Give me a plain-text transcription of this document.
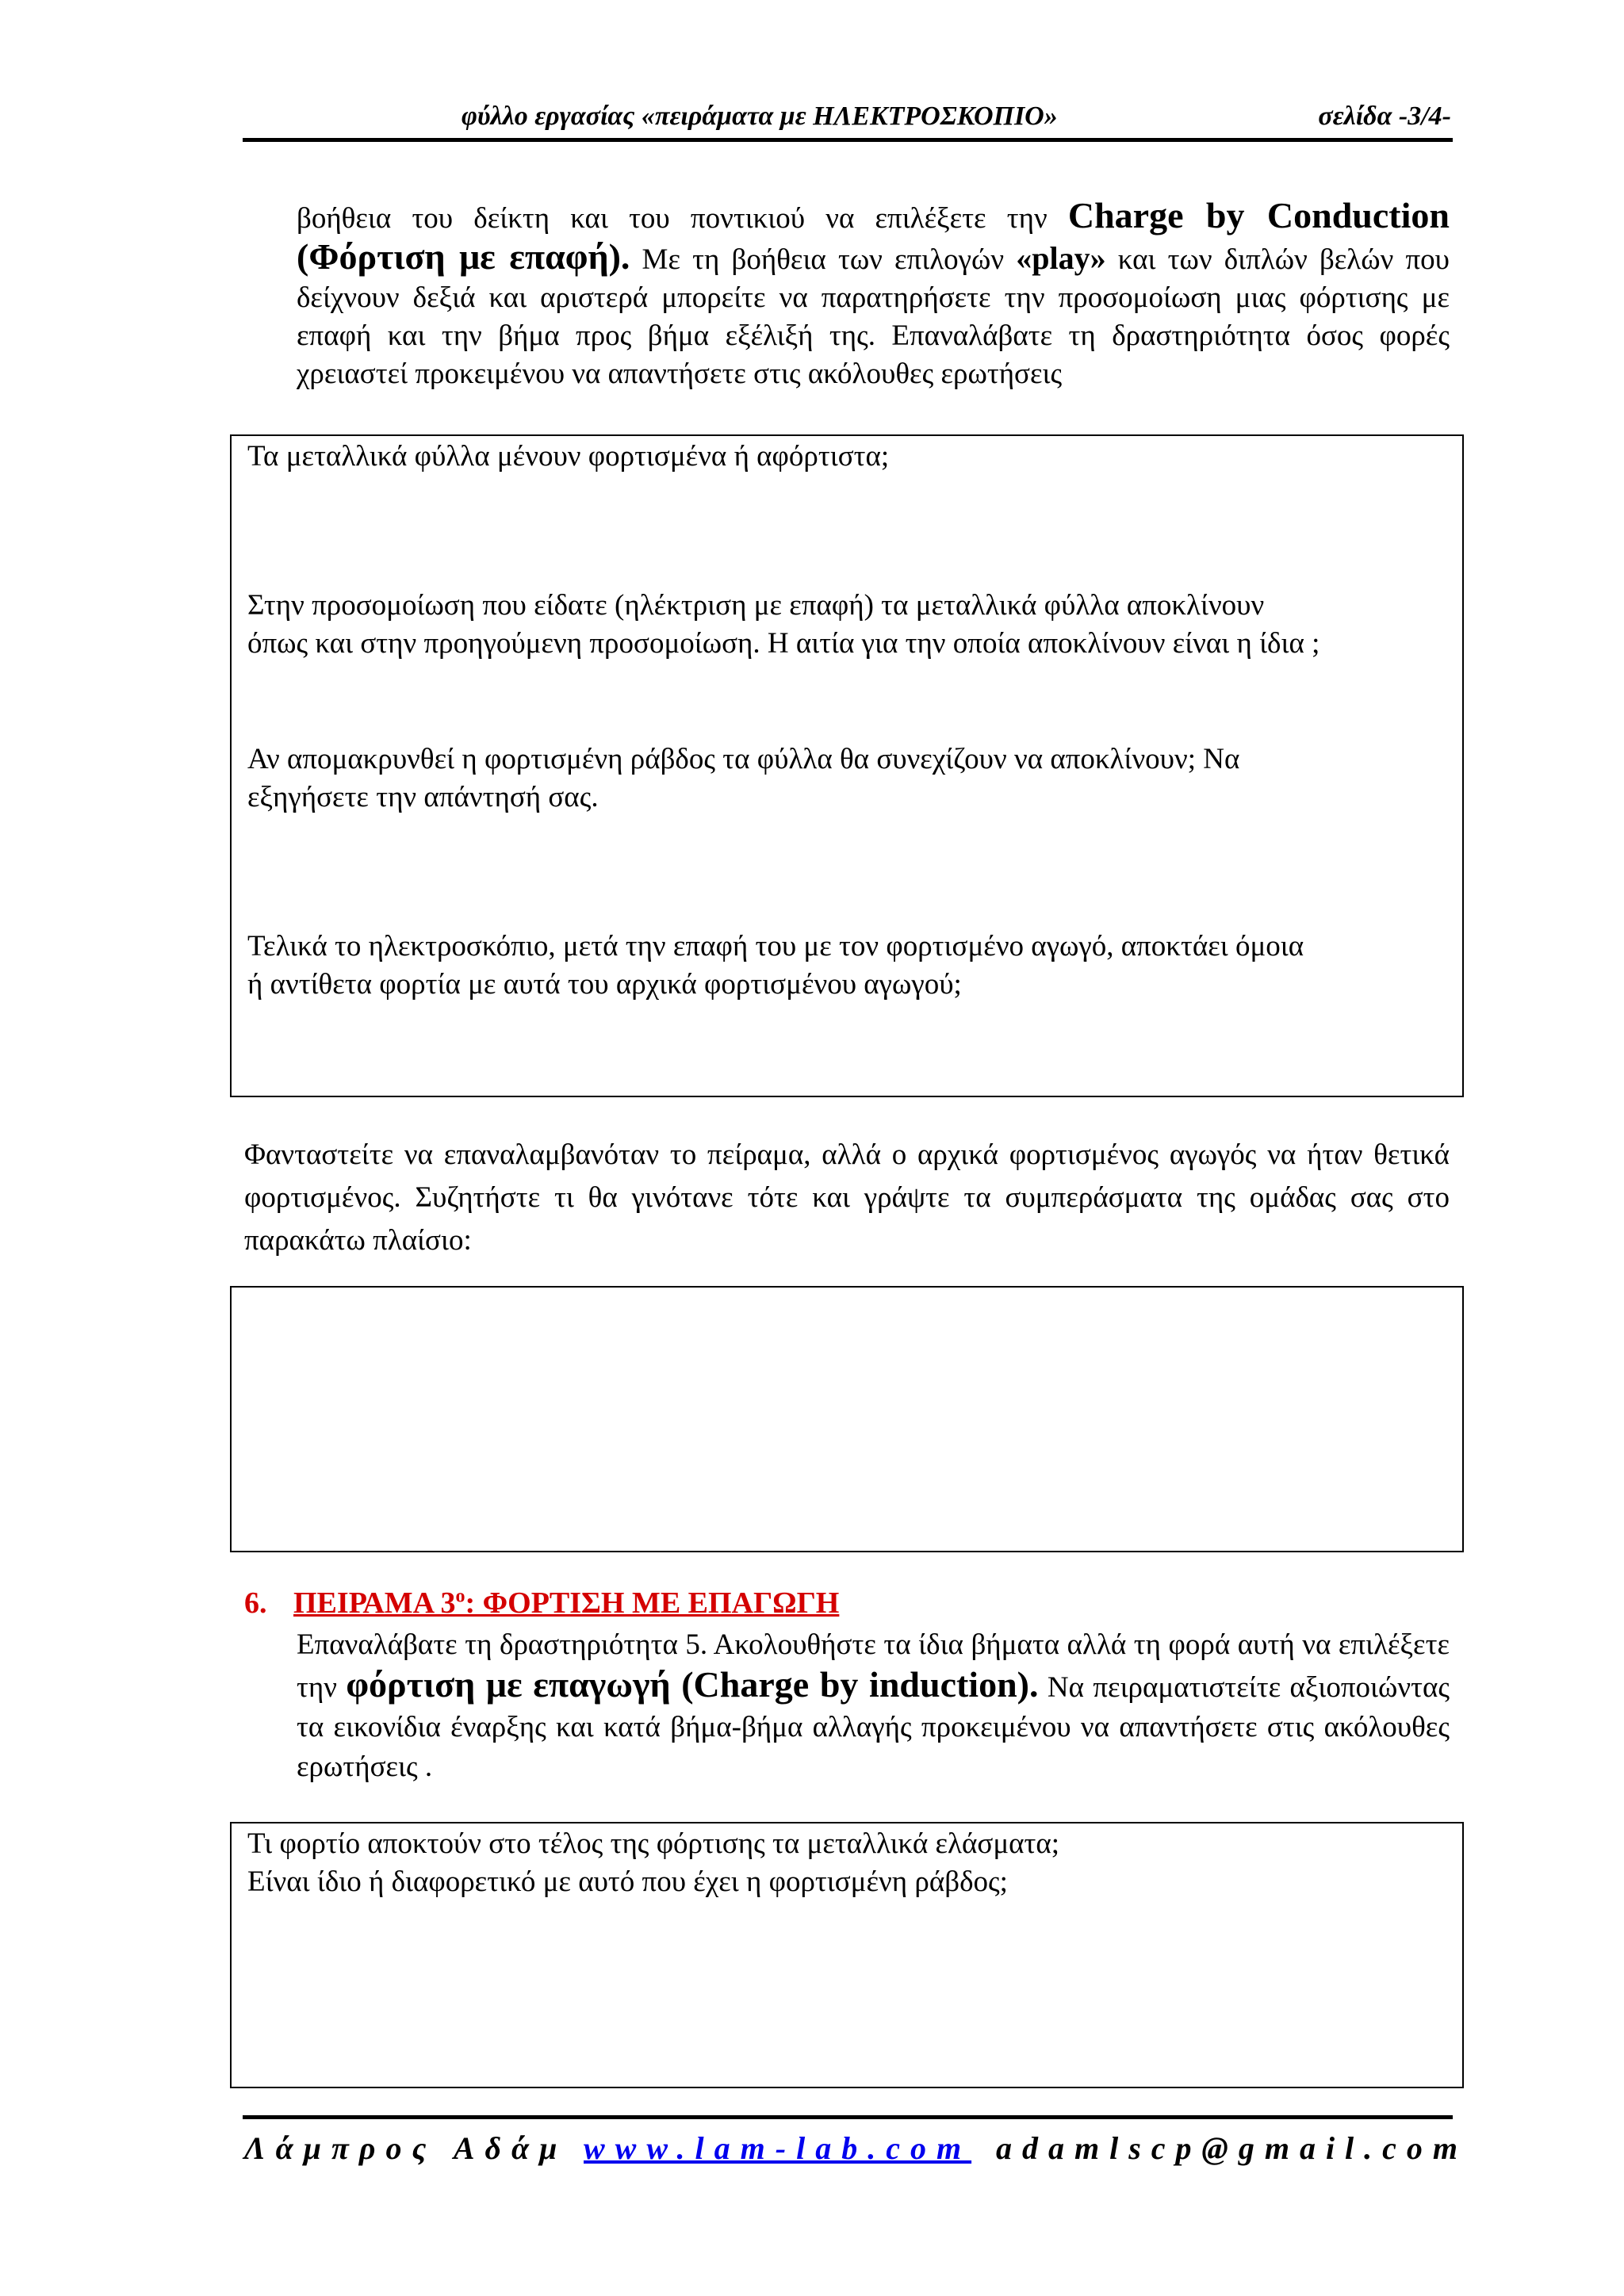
φύλλο εργασίας «πειράματα με ΗΛΕΚΤΡΟΣΚΟΠΙΟ»	σελίδα -3/4-
βοήθεια του δείκτη και του ποντικιού να επιλέξετε την Charge by Conduction (Φόρτιση με επαφή). Με τη βοήθεια των επιλογών «play» και των διπλών βελών που δείχνουν δεξιά και αριστερά μπορείτε να παρατηρήσετε την προσομοίωση μιας φόρτισης με επαφή και την βήμα προς βήμα εξέλιξή της. Επαναλάβατε τη δραστηριότητα όσος φορές χρειαστεί προκειμένου να απαντήσετε στις ακόλουθες ερωτήσεις
Τα μεταλλικά φύλλα μένουν φορτισμένα ή αφόρτιστα;
Στην προσομοίωση που είδατε (ηλέκτριση με επαφή) τα μεταλλικά φύλλα αποκλίνουν
όπως και στην προηγούμενη προσομοίωση. Η αιτία για την οποία αποκλίνουν είναι η ίδια ;
Αν απομακρυνθεί η φορτισμένη ράβδος τα φύλλα θα συνεχίζουν να αποκλίνουν; Να
εξηγήσετε την απάντησή σας.
Τελικά το ηλεκτροσκόπιο, μετά την επαφή του με τον φορτισμένο αγωγό, αποκτάει όμοια
ή αντίθετα φορτία με αυτά του αρχικά φορτισμένου αγωγού;
Φανταστείτε να επαναλαμβανόταν το πείραμα, αλλά ο αρχικά φορτισμένος αγωγός να ήταν θετικά φορτισμένος. Συζητήστε τι θα γινότανε τότε και γράψτε τα συμπεράσματα της ομάδας σας στο παρακάτω πλαίσιο:
6. ΠΕΙΡΑΜΑ $3^o$: ΦΟΡΤΙΣΗ ΜΕ ΕΠΑΓΩΓΗ
Επαναλάβατε τη δραστηριότητα 5. Ακολουθήστε τα ίδια βήματα αλλά τη φορά αυτή να επιλέξετε την φόρτιση με επαγωγή (Charge by induction). Να πειραματιστείτε αξιοποιώντας τα εικονίδια έναρξης και κατά βήμα-βήμα αλλαγής προκειμένου να απαντήσετε στις ακόλουθες ερωτήσεις .
Τι φορτίο αποκτούν στο τέλος της φόρτισης τα μεταλλικά ελάσματα;
Είναι ίδιο ή διαφορετικό με αυτό που έχει η φορτισμένη ράβδος;
Λάμπρος Αδάμ www.lam-lab.com adamlscp@gmail.com
